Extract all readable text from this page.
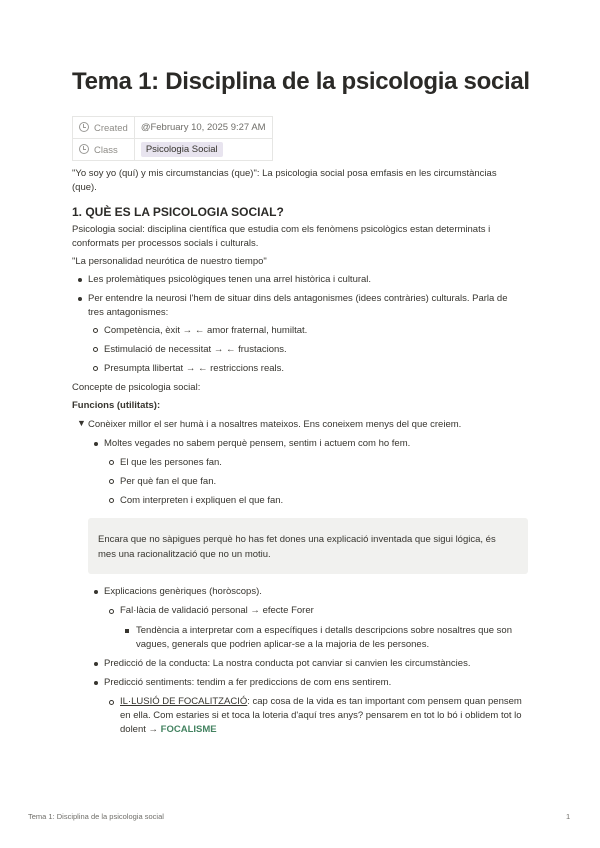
Tema 1: Disciplina de la psicologia social
Created	@February 10, 2025 9:27 AM
Class	Psicologia Social
"Yo soy yo (quí) y mis circumstancias (que)": La psicologia social posa emfasis en les circumstàncias
(que).
1. QUÈ ES LA PSICOLOGIA SOCIAL?
Psicologia social: disciplina científica que estudia com els fenòmens psicològics estan determinats i
conformats per processos socials i culturals.
"La personalidad neurótica de nuestro tiempo"
Les prolemàtiques psicològiques tenen una arrel històrica i cultural.
Per entendre la neurosi l'hem de situar dins dels antagonismes (idees contràries) culturals. Parla de
tres antagonismes:
Competència, èxit → ← amor fraternal, humiltat.
Estimulació de necessitat → ← frustacions.
Presumpta llibertat → ← restriccions reals.
Concepte de psicologia social:
Funcions (utilitats):
▼ Conèixer millor el ser humà i a nosaltres mateixos. Ens coneixem menys del que creiem.
Moltes vegades no sabem perquè pensem, sentim i actuem com ho fem.
El que les persones fan.
Per què fan el que fan.
Com interpreten i expliquen el que fan.
Encara que no sàpigues perquè ho has fet dones una explicació inventada que sigui lógica, és
mes una racionalització que no un motiu.
Explicacions genèriques (horòscops).
Fal·làcia de validació personal → efecte Forer
Tendència a interpretar com a específiques i detalls descripcions sobre nosaltres que son
vagues, generals que podrien aplicar-se a la majoria de les persones.
Predicció de la conducta: La nostra conducta pot canviar si canvien les circumstàncies.
Predicció sentiments: tendim a fer prediccions de com ens sentirem.
IL·LUSIÓ DE FOCALITZACIÓ: cap cosa de la vida es tan important com pensem quan pensem
en ella. Com estaries si et toca la loteria d'aquí tres anys? pensarem en tot lo bó i oblidem tot lo
dolent → FOCALISME
Tema 1: Disciplina de la psicologia social	1
